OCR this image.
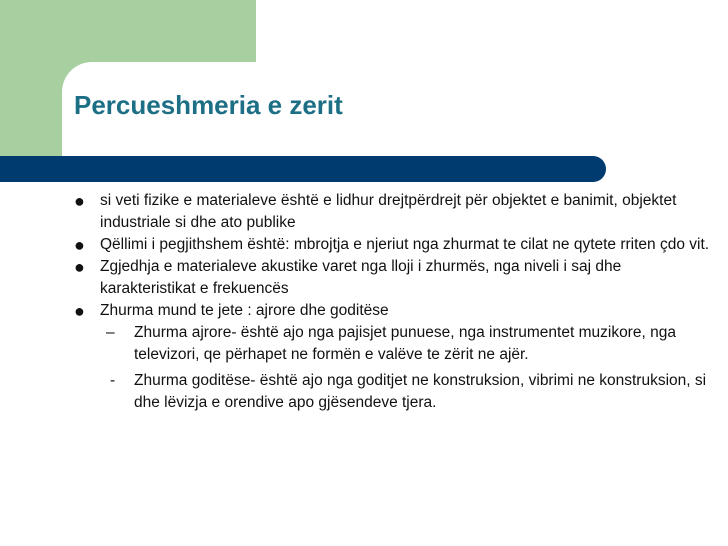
Percueshmeria e zerit
● si veti fizike e materialeve është e lidhur drejtpërdrejt për objektet e banimit, objektet industriale si dhe ato publike
● Qëllimi i pegjithshem është: mbrojtja e njeriut nga zhurmat te cilat ne qytete rriten çdo vit.
● Zgjedhja e materialeve akustike varet nga lloji i zhurmës, nga niveli i saj dhe karakteristikat e frekuencës
● Zhurma mund te jete : ajrore dhe goditëse
–	Zhurma ajrore- është ajo nga pajisjet punuese, nga instrumentet muzikore, nga televizori, qe përhapet ne formën e valëve te zërit ne ajër.
-	Zhurma goditëse- është ajo nga goditjet ne konstruksion, vibrimi ne konstruksion, si dhe lëvizja e orendive apo gjësendeve tjera.
